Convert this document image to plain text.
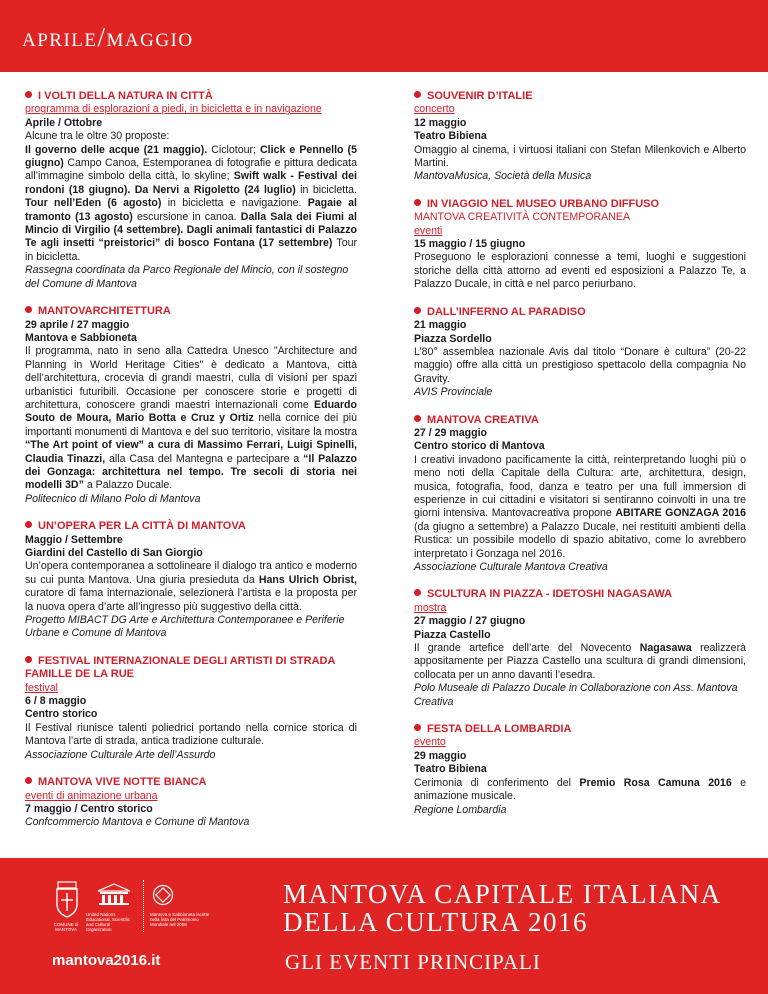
aprile/maggio
I VOLTI DELLA NATURA IN CITTÀ
programma di esplorazioni a piedi, in bicicletta e in navigazione
Aprile / Ottobre
Alcune tra le oltre 30 proposte:
Il governo delle acque (21 maggio). Ciclotour; Click e Pennello (5 giugno) Campo Canoa, Estemporanea di fotografie e pittura dedicata all’immagine simbolo della città, lo skyline; Swift walk - Festival dei rondoni (18 giugno). Da Nervi a Rigoletto (24 luglio) in bicicletta. Tour nell’Eden (6 agosto) in bicicletta e navigazione. Pagaie al tramonto (13 agosto) escursione in canoa. Dalla Sala dei Fiumi al Mincio di Virgilio (4 settembre). Dagli animali fantastici di Palazzo Te agli insetti “preistorici” di bosco Fontana (17 settembre) Tour in bicicletta.
Rassegna coordinata da Parco Regionale del Mincio, con il sostegno del Comune di Mantova
MANTOVARCHITETTURA
29 aprile / 27 maggio
Mantova e Sabbioneta
Il programma, nato in seno alla Cattedra Unesco "Architecture and Planning in World Heritage Cities" è dedicato a Mantova, città dell’architettura, crocevia di grandi maestri, culla di visioni per spazi urbanistici futuribili. Occasione per conoscere storie e progetti di architettura, conoscere grandi maestri internazionali come Eduardo Souto de Moura, Mario Botta e Cruz y Ortiz nella cornice dei più importanti monumenti di Mantova e del suo territorio, visitare la mostra “The Art point of view” a cura di Massimo Ferrari, Luigi Spinelli, Claudia Tinazzi, alla Casa del Mantegna e partecipare a “Il Palazzo dei Gonzaga: architettura nel tempo. Tre secoli di storia nei modelli 3D” a Palazzo Ducale.
Politecnico di Milano Polo di Mantova
UN’OPERA PER LA CITTÀ DI MANTOVA
Maggio / Settembre
Giardini del Castello di San Giorgio
Un’opera contemporanea a sottolineare il dialogo tra antico e moderno su cui punta Mantova. Una giuria presieduta da Hans Ulrich Obrist, curatore di fama internazionale, selezionerà l’artista e la proposta per la nuova opera d’arte all’ingresso più suggestivo della città.
Progetto MIBACT DG Arte e Architettura Contemporanee e Periferie Urbane e Comune di Mantova
FESTIVAL INTERNAZIONALE DEGLI ARTISTI DI STRADA FAMILLE DE LA RUE
festival
6 / 8 maggio
Centro storico
Il Festival riunisce talenti poliedrici portando nella cornice storica di Mantova l’arte di strada, antica tradizione culturale.
Associazione Culturale Arte dell’Assurdo
MANTOVA VIVE NOTTE BIANCA
eventi di animazione urbana
7 maggio / Centro storico
Confcommercio Mantova e Comune di Mantova
SOUVENIR D’ITALIE
concerto
12 maggio
Teatro Bibiena
Omaggio al cinema, i virtuosi italiani con Stefan Milenkovich e Alberto Martini.
MantovaMusica, Società della Musica
IN VIAGGIO NEL MUSEO URBANO DIFFUSO
MANTOVA CREATIVITÀ CONTEMPORANEA
eventi
15 maggio / 15 giugno
Proseguono le esplorazioni connesse a temi, luoghi e suggestioni storiche della città attorno ad eventi ed esposizioni a Palazzo Te, a Palazzo Ducale, in città e nel parco periurbano.
DALL’INFERNO AL PARADISO
21 maggio
Piazza Sordello
L’80° assemblea nazionale Avis dal titolo “Donare è cultura” (20-22 maggio) offre alla città un prestigioso spettacolo della compagnia No Gravity.
AVIS Provinciale
MANTOVA CREATIVA
27 / 29 maggio
Centro storico di Mantova
I creativi invadono pacificamente la città, reinterpretando luoghi più o meno noti della Capitale della Cultura: arte, architettura, design, musica, fotografia, food, danza e teatro per una full immersion di esperienze in cui cittadini e visitatori si sentiranno coinvolti in una tre giorni intensiva. Mantovacreativa propone ABITARE GONZAGA 2016 (da giugno a settembre) a Palazzo Ducale, nei restituiti ambienti della Rustica: un possibile modello di spazio abitativo, come lo avrebbero interpretato i Gonzaga nel 2016.
Associazione Culturale Mantova Creativa
SCULTURA IN PIAZZA - IDETOSHI NAGASAWA
mostra
27 maggio / 27 giugno
Piazza Castello
Il grande artefice dell’arte del Novecento Nagasawa realizzerà appositamente per Piazza Castello una scultura di grandi dimensioni, collocata per un anno davanti l’esedra.
Polo Museale di Palazzo Ducale in Collaborazione con Ass. Mantova Creativa
FESTA DELLA LOMBARDIA
evento
29 maggio
Teatro Bibiena
Cerimonia di conferimento del Premio Rosa Camuna 2016 e animazione musicale.
Regione Lombardia
COMUNE di MANTOVA
United Nations Educational, Scientific and Cultural Organization
Mantova e Sabbioneta iscritte nella lista del Patrimonio Mondiale nel 2008
MANTOVA CAPITALE ITALIANA DELLA CULTURA 2016
GLI EVENTI PRINCIPALI
mantova2016.it
